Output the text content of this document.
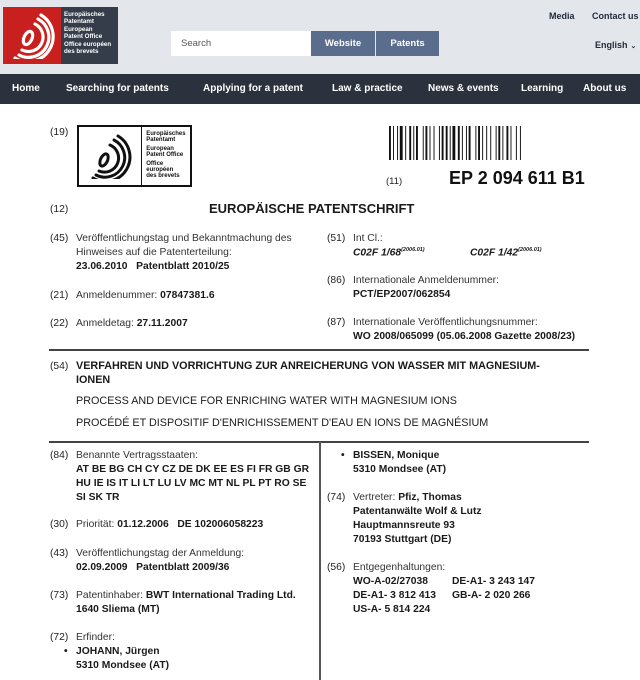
Europäisches
Patentamt
European
Patent Office
Office européen
des brevets
Search	Website	Patents
Media Contact us
English ⌄
Home	Searching for patents	Applying for a patent	Law & practice	News & events Learning About us
(19)	Europäisches
Patentamt
European
Patent Office
Office européen
des brevets	(11)	EP 2 094 611 B1
(12)	EUROPÄISCHE PATENTSCHRIFT
(45) Veröffentlichungstag und Bekanntmachung des
Hinweises auf die Patenterteilung:
23.06.2010   Patentblatt 2010/25
(21) Anmeldenummer: 07847381.6
(22) Anmeldetag: 27.11.2007
(51) Int Cl.:
C02F $1/68^{(2006.01)}$	C02F $1/42^{(2006.01)}$
(86) Internationale Anmeldenummer:
PCT/EP2007/062854
(87) Internationale Veröffentlichungsnummer:
WO 2008/065099 (05.06.2008 Gazette 2008/23)
(54) VERFAHREN UND VORRICHTUNG ZUR ANREICHERUNG VON WASSER MIT MAGNESIUM-
IONEN
PROCESS AND DEVICE FOR ENRICHING WATER WITH MAGNESIUM IONS
PROCÉDÉ ET DISPOSITIF D'ENRICHISSEMENT D'EAU EN IONS DE MAGNÉSIUM
(84) Benannte Vertragsstaaten:
AT BE BG CH CY CZ DE DK EE ES FI FR GB GR
HU IE IS IT LI LT LU LV MC MT NL PL PT RO SE
SI SK TR
(30) Priorität: 01.12.2006   DE 102006058223
(43) Veröffentlichungstag der Anmeldung:
02.09.2009   Patentblatt 2009/36
(73) Patentinhaber: BWT International Trading Ltd.
1640 Sliema (MT)
(72) Erfinder:
• JOHANN, Jürgen
5310 Mondsee (AT)
• BISSEN, Monique
5310 Mondsee (AT)
(74) Vertreter: Pfiz, Thomas
Patentanwälte Wolf & Lutz
Hauptmannsreute 93
70193 Stuttgart (DE)
(56) Entgegenhaltungen:
WO-A-02/27038 DE-A1- 3 243 147
DE-A1- 3 812 413 GB-A- 2 020 266
US-A- 5 814 224
